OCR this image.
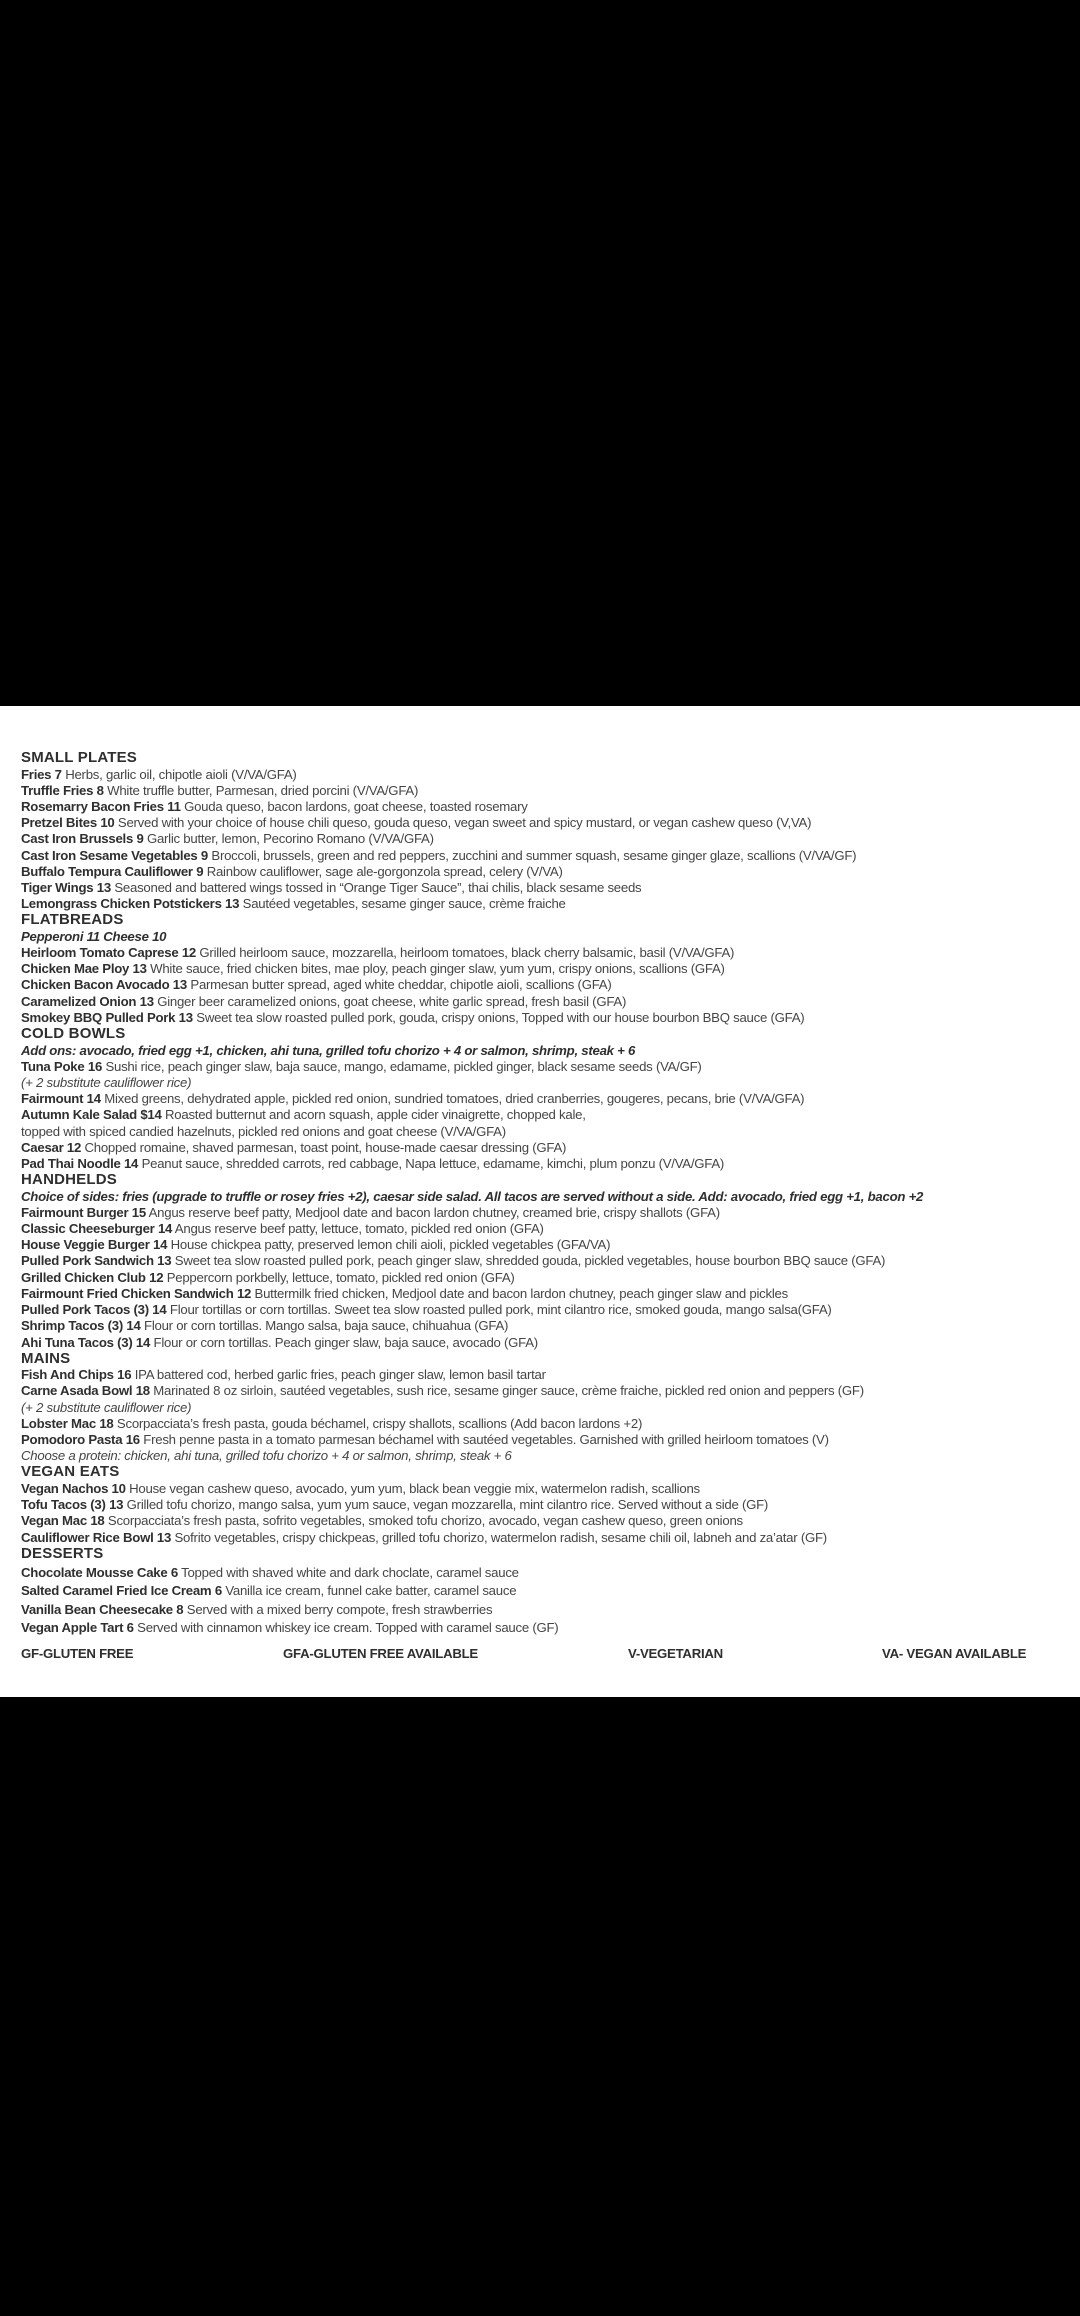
SMALL PLATES
Fries 7 Herbs, garlic oil, chipotle aioli (V/VA/GFA)
Truffle Fries 8 White truffle butter, Parmesan, dried porcini (V/VA/GFA)
Rosemarry Bacon Fries 11 Gouda queso, bacon lardons, goat cheese, toasted rosemary
Pretzel Bites 10 Served with your choice of house chili queso, gouda queso, vegan sweet and spicy mustard, or vegan cashew queso (V,VA)
Cast Iron Brussels 9 Garlic butter, lemon, Pecorino Romano (V/VA/GFA)
Cast Iron Sesame Vegetables 9 Broccoli, brussels, green and red peppers, zucchini and summer squash, sesame ginger glaze, scallions (V/VA/GF)
Buffalo Tempura Cauliflower 9 Rainbow cauliflower, sage ale-gorgonzola spread, celery (V/VA)
Tiger Wings 13 Seasoned and battered wings tossed in “Orange Tiger Sauce”, thai chilis, black sesame seeds
Lemongrass Chicken Potstickers 13 Sautéed vegetables, sesame ginger sauce, crème fraiche
FLATBREADS
Pepperoni 11 Cheese 10
Heirloom Tomato Caprese 12 Grilled heirloom sauce, mozzarella, heirloom tomatoes, black cherry balsamic, basil (V/VA/GFA)
Chicken Mae Ploy 13 White sauce, fried chicken bites, mae ploy, peach ginger slaw, yum yum, crispy onions, scallions (GFA)
Chicken Bacon Avocado 13 Parmesan butter spread, aged white cheddar, chipotle aioli, scallions (GFA)
Caramelized Onion 13 Ginger beer caramelized onions, goat cheese, white garlic spread, fresh basil (GFA)
Smokey BBQ Pulled Pork 13 Sweet tea slow roasted pulled pork, gouda, crispy onions, Topped with our house bourbon BBQ sauce (GFA)
COLD BOWLS
Add ons: avocado, fried egg +1, chicken, ahi tuna, grilled tofu chorizo + 4 or salmon, shrimp, steak + 6
Tuna Poke 16 Sushi rice, peach ginger slaw, baja sauce, mango, edamame, pickled ginger, black sesame seeds (VA/GF)
(+ 2 substitute cauliflower rice)
Fairmount 14 Mixed greens, dehydrated apple, pickled red onion, sundried tomatoes, dried cranberries, gougeres, pecans, brie (V/VA/GFA)
Autumn Kale Salad $14 Roasted butternut and acorn squash, apple cider vinaigrette, chopped kale,
topped with spiced candied hazelnuts, pickled red onions and goat cheese (V/VA/GFA)
Caesar 12 Chopped romaine, shaved parmesan, toast point, house-made caesar dressing (GFA)
Pad Thai Noodle 14 Peanut sauce, shredded carrots, red cabbage, Napa lettuce, edamame, kimchi, plum ponzu (V/VA/GFA)
HANDHELDS
Choice of sides: fries (upgrade to truffle or rosey fries +2), caesar side salad. All tacos are served without a side. Add: avocado, fried egg +1, bacon +2
Fairmount Burger 15 Angus reserve beef patty, Medjool date and bacon lardon chutney, creamed brie, crispy shallots (GFA)
Classic Cheeseburger 14 Angus reserve beef patty, lettuce, tomato, pickled red onion (GFA)
House Veggie Burger 14 House chickpea patty, preserved lemon chili aioli, pickled vegetables (GFA/VA)
Pulled Pork Sandwich 13 Sweet tea slow roasted pulled pork, peach ginger slaw, shredded gouda, pickled vegetables, house bourbon BBQ sauce (GFA)
Grilled Chicken Club 12 Peppercorn porkbelly, lettuce, tomato, pickled red onion (GFA)
Fairmount Fried Chicken Sandwich 12 Buttermilk fried chicken, Medjool date and bacon lardon chutney, peach ginger slaw and pickles
Pulled Pork Tacos (3) 14 Flour tortillas or corn tortillas. Sweet tea slow roasted pulled pork, mint cilantro rice, smoked gouda, mango salsa(GFA)
Shrimp Tacos (3) 14 Flour or corn tortillas. Mango salsa, baja sauce, chihuahua (GFA)
Ahi Tuna Tacos (3) 14 Flour or corn tortillas. Peach ginger slaw, baja sauce, avocado (GFA)
MAINS
Fish And Chips 16 IPA battered cod, herbed garlic fries, peach ginger slaw, lemon basil tartar
Carne Asada Bowl 18 Marinated 8 oz sirloin, sautéed vegetables, sush rice, sesame ginger sauce, crème fraiche, pickled red onion and peppers (GF)
(+ 2 substitute cauliflower rice)
Lobster Mac 18 Scorpacciata’s fresh pasta, gouda béchamel, crispy shallots, scallions (Add bacon lardons +2)
Pomodoro Pasta 16 Fresh penne pasta in a tomato parmesan béchamel with sautéed vegetables. Garnished with grilled heirloom tomatoes (V)
Choose a protein: chicken, ahi tuna, grilled tofu chorizo + 4 or salmon, shrimp, steak + 6
VEGAN EATS
Vegan Nachos 10 House vegan cashew queso, avocado, yum yum, black bean veggie mix, watermelon radish, scallions
Tofu Tacos (3) 13 Grilled tofu chorizo, mango salsa, yum yum sauce, vegan mozzarella, mint cilantro rice. Served without a side (GF)
Vegan Mac 18 Scorpacciata’s fresh pasta, sofrito vegetables, smoked tofu chorizo, avocado, vegan cashew queso, green onions
Cauliflower Rice Bowl 13 Sofrito vegetables, crispy chickpeas, grilled tofu chorizo, watermelon radish, sesame chili oil, labneh and za’atar (GF)
DESSERTS
Chocolate Mousse Cake 6 Topped with shaved white and dark choclate, caramel sauce
Salted Caramel Fried Ice Cream 6 Vanilla ice cream, funnel cake batter, caramel sauce
Vanilla Bean Cheesecake 8 Served with a mixed berry compote, fresh strawberries
Vegan Apple Tart 6 Served with cinnamon whiskey ice cream. Topped with caramel sauce (GF)
GF-GLUTEN FREE	GFA-GLUTEN FREE AVAILABLE	V-VEGETARIAN	VA- VEGAN AVAILABLE
